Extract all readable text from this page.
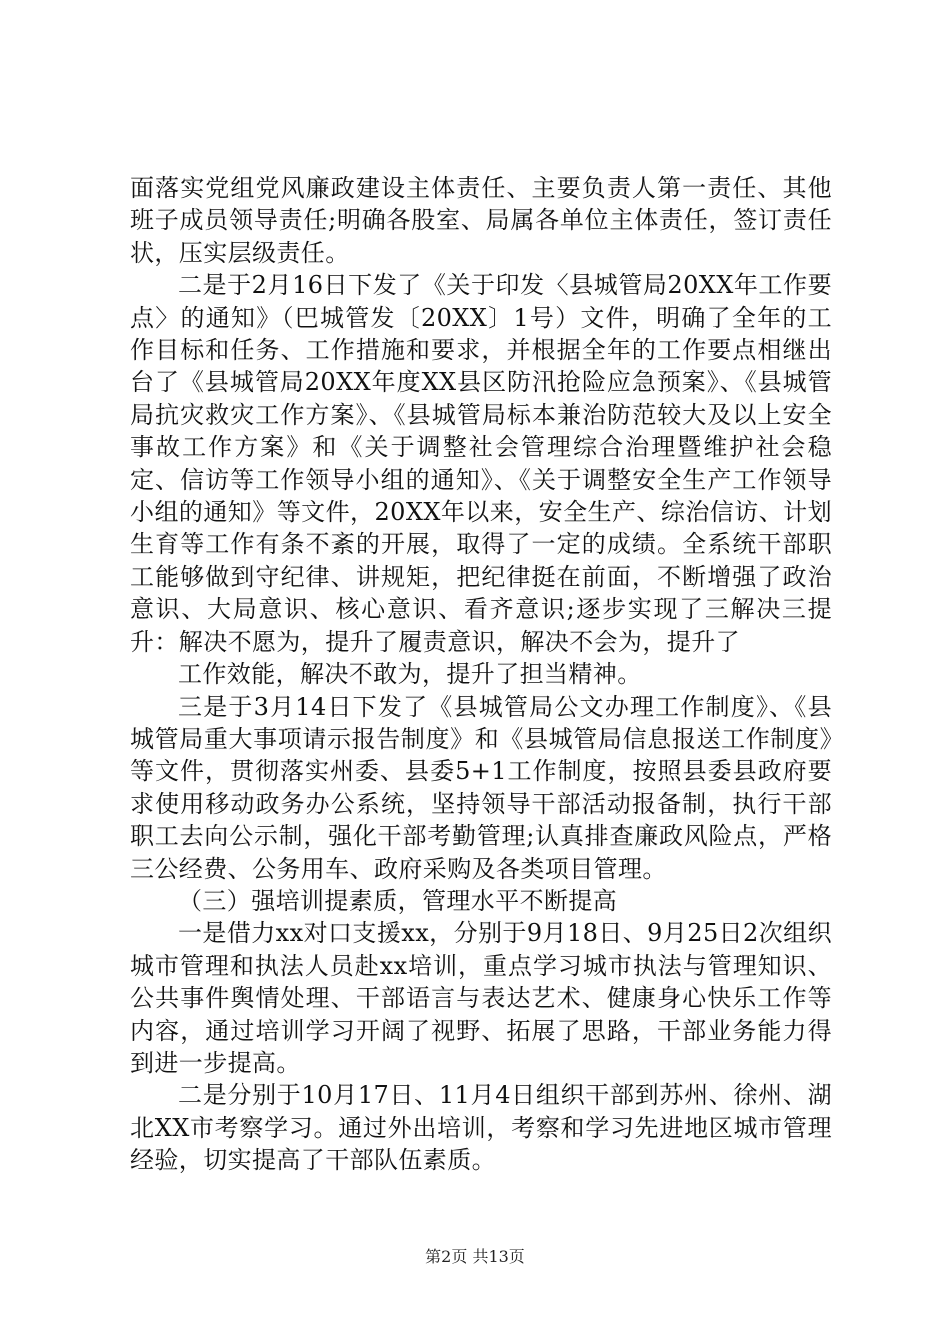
面落实党组党风廉政建设主体责任、主要负责人第一责任、其他班子成员领导责任;明确各股室、局属各单位主体责任，签订责任状，压实层级责任。

二是于2月16日下发了《关于印发〈县城管局20XX年工作要点〉的通知》（巴城管发〔20XX〕1号）文件，明确了全年的工作目标和任务、工作措施和要求，并根据全年的工作要点相继出台了《县城管局20XX年度XX县区防汛抢险应急预案》、《县城管局抗灾救灾工作方案》、《县城管局标本兼治防范较大及以上安全事故工作方案》和《关于调整社会管理综合治理暨维护社会稳定、信访等工作领导小组的通知》、《关于调整安全生产工作领导小组的通知》等文件，20XX年以来，安全生产、综治信访、计划生育等工作有条不紊的开展，取得了一定的成绩。全系统干部职工能够做到守纪律、讲规矩，把纪律挺在前面，不断增强了政治意识、大局意识、核心意识、看齐意识;逐步实现了三解决三提升：解决不愿为，提升了履责意识，解决不会为，提升了

工作效能，解决不敢为，提升了担当精神。

三是于3月14日下发了《县城管局公文办理工作制度》、《县城管局重大事项请示报告制度》和《县城管局信息报送工作制度》等文件，贯彻落实州委、县委5+1工作制度，按照县委县政府要求使用移动政务办公系统，坚持领导干部活动报备制，执行干部职工去向公示制，强化干部考勤管理;认真排查廉政风险点，严格三公经费、公务用车、政府采购及各类项目管理。

（三）强培训提素质，管理水平不断提高

一是借力xx对口支援xx，分别于9月18日、9月25日2次组织城市管理和执法人员赴xx培训，重点学习城市执法与管理知识、公共事件舆情处理、干部语言与表达艺术、健康身心快乐工作等内容，通过培训学习开阔了视野、拓展了思路，干部业务能力得到进一步提高。

二是分别于10月17日、11月4日组织干部到苏州、徐州、湖北XX市考察学习。通过外出培训，考察和学习先进地区城市管理经验，切实提高了干部队伍素质。

第2页 共13页
